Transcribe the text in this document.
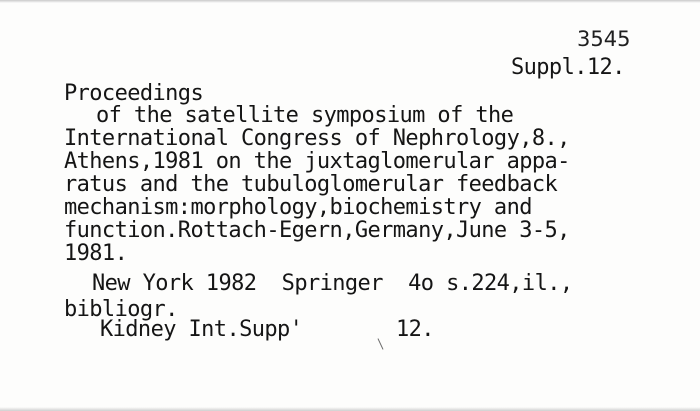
3545
Suppl.12.
Proceedings
of the satellite symposium of the
International Congress of Nephrology,8.,
Athens,1981 on the juxtaglomerular appa-
ratus and the tubuloglomerular feedback
mechanism:morphology,biochemistry and
function.Rottach-Egern,Germany,June 3-5,
1981.
New York 1982  Springer  4o s.224,il.,
bibliogr.
Kidney Int.Supp'	12.
